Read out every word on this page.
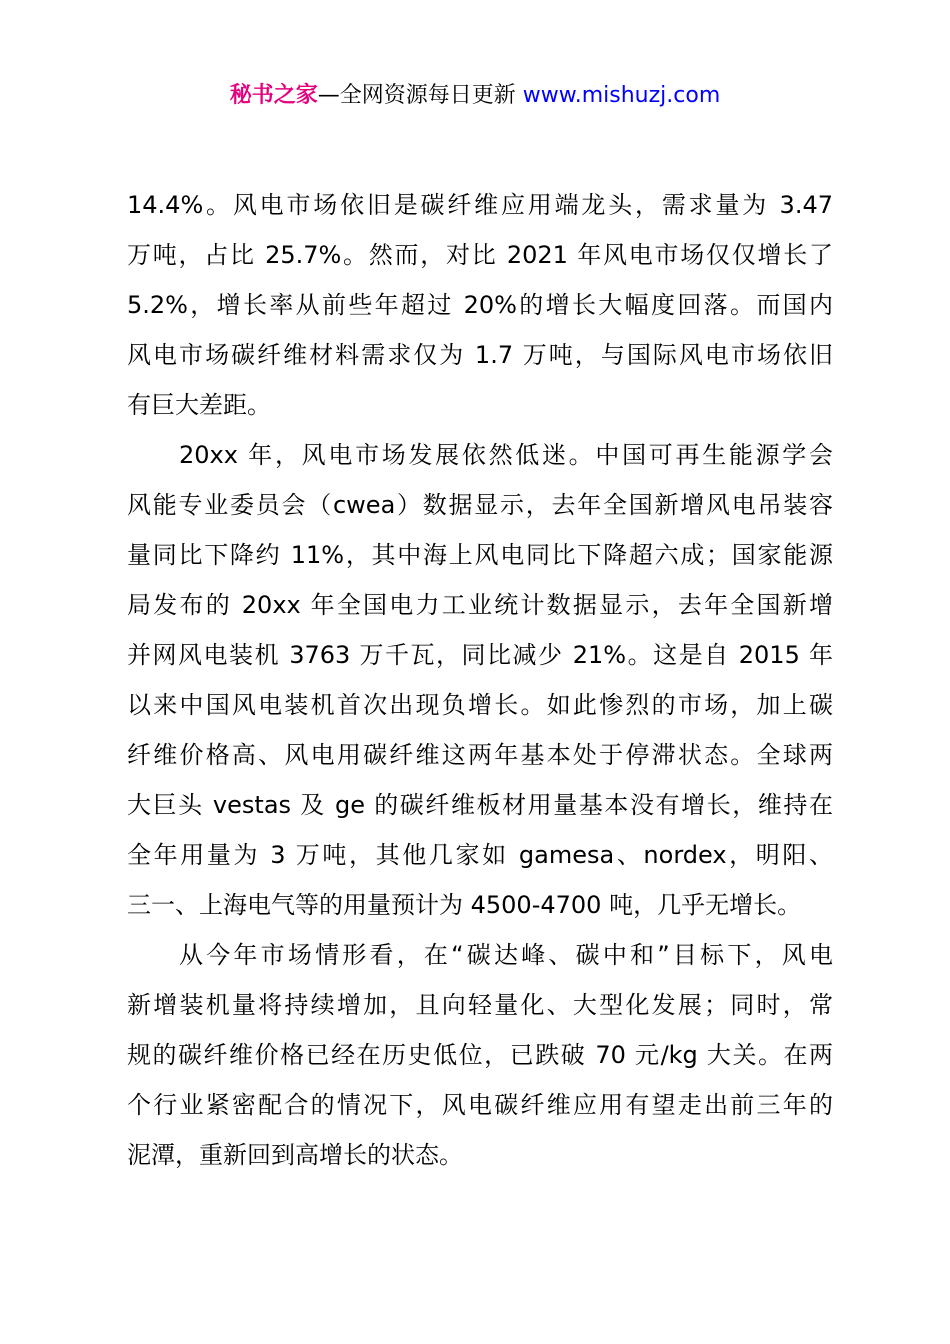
秘书之家—全网资源每日更新 www.mishuzj.com

14.4%。风电市场依旧是碳纤维应用端龙头，需求量为 3.47
万吨，占比 25.7%。然而，对比 2021 年风电市场仅仅增长了
5.2%，增长率从前些年超过 20%的增长大幅度回落。而国内
风电市场碳纤维材料需求仅为 1.7 万吨，与国际风电市场依旧
有巨大差距。

20xx 年，风电市场发展依然低迷。中国可再生能源学会
风能专业委员会（cwea）数据显示，去年全国新增风电吊装容
量同比下降约 11%，其中海上风电同比下降超六成；国家能源
局发布的 20xx 年全国电力工业统计数据显示，去年全国新增
并网风电装机 3763 万千瓦，同比减少 21%。这是自 2015 年
以来中国风电装机首次出现负增长。如此惨烈的市场，加上碳
纤维价格高、风电用碳纤维这两年基本处于停滞状态。全球两
大巨头 vestas 及 ge 的碳纤维板材用量基本没有增长，维持在
全年用量为 3 万吨，其他几家如 gamesa、nordex，明阳、
三一、上海电气等的用量预计为 4500-4700 吨，几乎无增长。

从今年市场情形看，在“碳达峰、碳中和”目标下，风电
新增装机量将持续增加，且向轻量化、大型化发展；同时，常
规的碳纤维价格已经在历史低位，已跌破 70 元/kg 大关。在两
个行业紧密配合的情况下，风电碳纤维应用有望走出前三年的
泥潭，重新回到高增长的状态。
